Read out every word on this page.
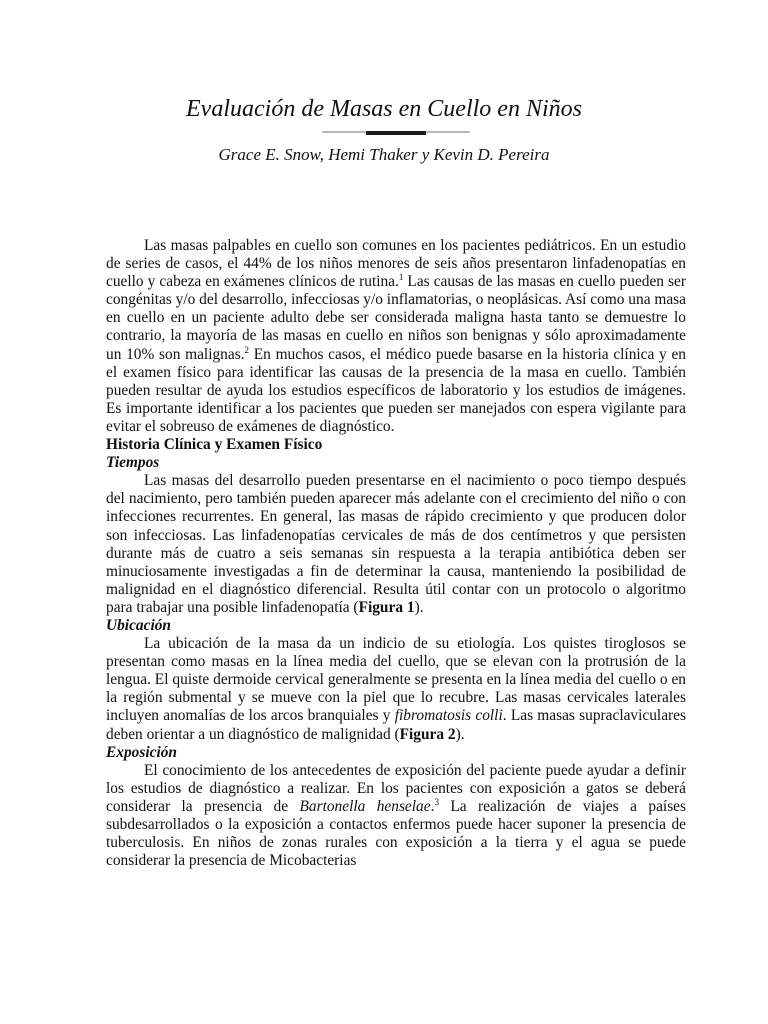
Evaluación de Masas en Cuello en Niños
Grace E. Snow, Hemi Thaker y Kevin D. Pereira

Las masas palpables en cuello son comunes en los pacientes pediátricos. En un estudio de series de casos, el 44% de los niños menores de seis años presentaron linfadenopatías en cuello y cabeza en exámenes clínicos de rutina.$^1$ Las causas de las masas en cuello pueden ser congénitas y/o del desarrollo, infecciosas y/o inflamatorias, o neoplásicas. Así como una masa en cuello en un paciente adulto debe ser considerada maligna hasta tanto se demuestre lo contrario, la mayoría de las masas en cuello en niños son benignas y sólo aproximadamente un 10% son malignas.$^2$ En muchos casos, el médico puede basarse en la historia clínica y en el examen físico para identificar las causas de la presencia de la masa en cuello. También pueden resultar de ayuda los estudios específicos de laboratorio y los estudios de imágenes. Es importante identificar a los pacientes que pueden ser manejados con espera vigilante para evitar el sobreuso de exámenes de diagnóstico.

Historia Clínica y Examen Físico
Tiempos

Las masas del desarrollo pueden presentarse en el nacimiento o poco tiempo después del nacimiento, pero también pueden aparecer más adelante con el crecimiento del niño o con infecciones recurrentes. En general, las masas de rápido crecimiento y que producen dolor son infecciosas. Las linfadenopatías cervicales de más de dos centímetros y que persisten durante más de cuatro a seis semanas sin respuesta a la terapia antibiótica deben ser minuciosamente investigadas a fin de determinar la causa, manteniendo la posibilidad de malignidad en el diagnóstico diferencial. Resulta útil contar con un protocolo o algoritmo para trabajar una posible linfadenopatía (Figura 1).

Ubicación

La ubicación de la masa da un indicio de su etiología. Los quistes tiroglosos se presentan como masas en la línea media del cuello, que se elevan con la protrusión de la lengua. El quiste dermoide cervical generalmente se presenta en la línea media del cuello o en la región submental y se mueve con la piel que lo recubre. Las masas cervicales laterales incluyen anomalías de los arcos branquiales y fibromatosis colli. Las masas supraclaviculares deben orientar a un diagnóstico de malignidad (Figura 2).

Exposición

El conocimiento de los antecedentes de exposición del paciente puede ayudar a definir los estudios de diagnóstico a realizar. En los pacientes con exposición a gatos se deberá considerar la presencia de Bartonella henselae.$^3$ La realización de viajes a países subdesarrollados o la exposición a contactos enfermos puede hacer suponer la presencia de tuberculosis. En niños de zonas rurales con exposición a la tierra y el agua se puede considerar la presencia de Micobacterias
